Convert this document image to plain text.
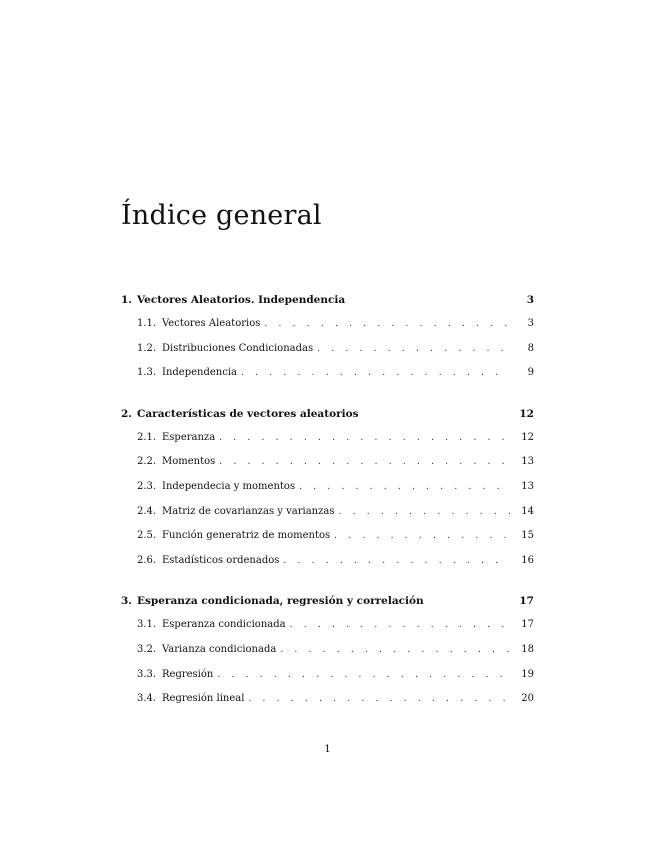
Índice general
1. Vectores Aleatorios. Independencia	3
1.1. Vectores Aleatorios . . .	3
1.2. Distribuciones Condicionadas . . .	8
1.3. Independencia . . .	9
2. Características de vectores aleatorios	12
2.1. Esperanza . . .	12
2.2. Momentos . . .	13
2.3. Independecia y momentos . . .	13
2.4. Matriz de covarianzas y varianzas . . .	14
2.5. Función generatriz de momentos . . .	15
2.6. Estadísticos ordenados . . .	16
3. Esperanza condicionada, regresión y correlación	17
3.1. Esperanza condicionada . . .	17
3.2. Varianza condicionada . . .	18
3.3. Regresión . . .	19
3.4. Regresión lineal . . .	20
1
